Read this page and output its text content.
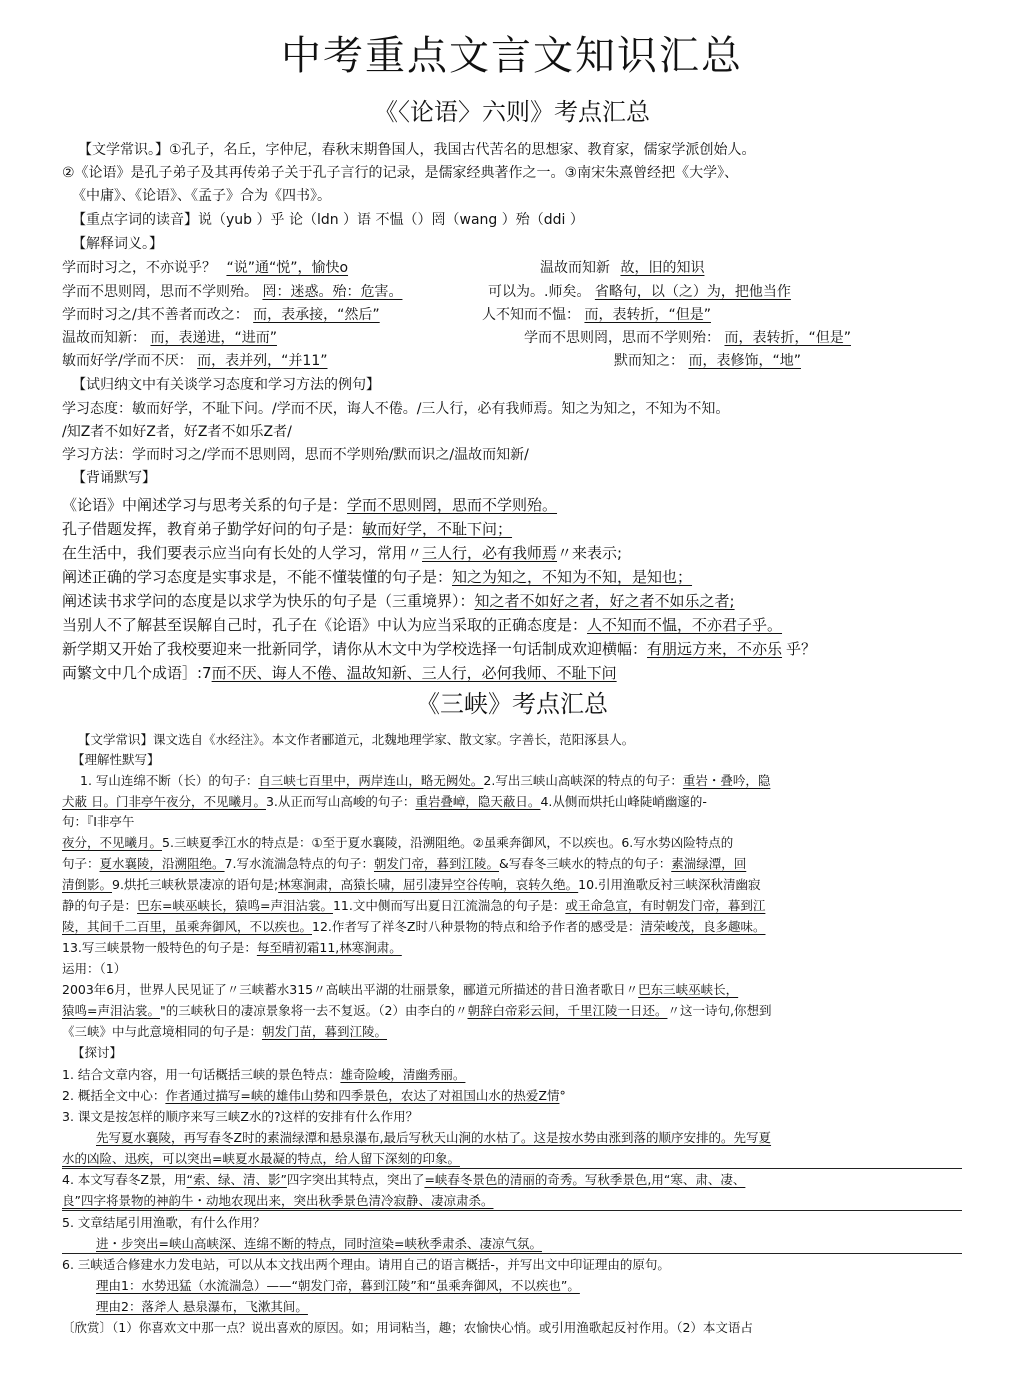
中考重点文言文知识汇总
《〈论语〉六则》考点汇总
【文学常识。】①孔子，名丘，字仲尼，春秋末期鲁国人，我国古代苦名的思想家、教育家，儒家学派创始人。
②《论语》是孔子弟子及其再传弟子关于孔子言行的记录，是儒家经典著作之一。③南宋朱熹曾经把《大学》、
《中庸》、《论语》、《孟子》合为《四书》。
【重点字词的读音】说（yub ）乎 论（ldn ）语 不愠（）罔（wang ）殆（ddi ）
【解释词义。】
学而时习之，不亦说乎？ “说”通“悦”，愉快o	温故而知新 故，旧的知识
学而不思则罔，思而不学则殆。 罔：迷惑。殆：危害。	可以为。.师矣。 省略句，以（之）为，把他当作
学而时习之/其不善者而改之： 而，表承接，“然后”	人不知而不愠： 而，表转折，“但是”
温故而知新： 而，表递进，“进而”	学而不思则罔，思而不学则殆： 而，表转折，“但是”
敏而好学/学而不厌： 而，表并列，“并11”	默而知之： 而，表修饰，“地”
【试归纳文中有关谈学习态度和学习方法的例句】
学习态度：敏而好学，不耻下问。/学而不厌，诲人不倦。/三人行，必有我师焉。知之为知之，不知为不知。
/知Z者不如好Z者，好Z者不如乐Z者/
学习方法：学而时习之/学而不思则罔，思而不学则殆/默而识之/温故而知新/
【背诵默写】
《论语》中阐述学习与思考关系的句子是：学而不思则罔，思而不学则殆。
孔子借题发挥，教育弟子勤学好问的句子是：敏而好学，不耻下问；
在生活中，我们要表示应当向有长处的人学习，常用〃三人行，必有我师焉〃来表示;
阐述正确的学习态度是实事求是，不能不懂装懂的句子是：知之为知之，不知为不知，是知也；
阐述读书求学问的态度是以求学为快乐的句子是（三重境界）：知之者不如好之者，好之者不如乐之者;
当别人不了解甚至误解自己时，孔子在《论语》中认为应当采取的正确态度是：人不知而不愠，不亦君子乎。
新学期又开始了我校要迎来一批新同学，请你从木文中为学校选择一句话制成欢迎横幅：有朋远方来，不亦乐 乎？
両繁文中几个成语］:7而不厌、诲人不倦、温故知新、三人行，必何我师、不耻下问
《三峡》考点汇总
【文学常识】课文选自《水经注》。本文作者郦道元，北魏地理学家、散文家。字善长，范阳涿县人。
【理解性默写】
1. 写山连绵不断（长）的句子：自三峡七百里中，两岸连山，略无阙处。2.写出三峡山高峡深的特点的句子：重岩・叠吟，隐
犬蔽 日。门非亭午夜分，不见曦月。3.从正而写山高峻的句子：重岩叠嶂，隐天蔽日。4.从侧而烘托山峰陡峭幽邃的-
句：『I非亭午
夜分，不见曦月。5.三峡夏季江水的特点是：①至于夏水襄陵，沿溯阻绝。②虽乘奔御风，不以疾也。6.写水势凶险特点的
句子：夏水襄陵，沿溯阻绝。7.写水流湍急特点的句子：朝发门帝，暮到江陵。&写春冬三峡水的特点的句子：素湍绿潭，回
清倒影。9.烘托三峡秋景凄凉的语句是;林寒涧肃，高猿长啸，屈引凄异空谷传响，哀转久绝。10.引用渔歌反衬三峡深秋清幽寂
静的句子是：巴东=峡巫峡长，猿鸣=声泪沾裳。11.文中侧而写出夏日江流湍急的句子是：或王命急宣，有时朝发门帝，暮到江
陵，其间千二百里，虽乘奔御风，不以疾也。12.作者写了祥冬Z时八种景物的特点和给予作者的感受是：清荣峻茂，良多趣味。
13.写三峡景物一般特色的句子是：每至晴初霜11,林寒涧肃。
运用：（1）
2003年6月，世界人民见证了〃三峡蓄水315〃高峡出平湖的壮丽景象，郦道元所描述的昔日渔者歌日〃巴东三峡巫峡长，
猿鸣=声泪沾裳。"的三峡秋日的凄凉景象将一去不复返。（2）由李白的〃朝辞白帝彩云间，千里江陵一日还。〃这一诗句,你想到
《三峡》中与此意境相同的句子是：朝发门苗，暮到江陵。
【探讨】
1. 结合文章内容，用一句话概括三峡的景色特点：雄奇险峻，清幽秀丽。
2. 概括全文中心：作者通过描写=峡的雄伟山势和四季景色，农达了对祖国山水的热爱Z情°
3. 课文是按怎样的顺序来写三峡Z水的?这样的安排有什么作用？
先写夏水襄陵，再写春冬Z时的素湍绿潭和悬泉瀑布,最后写秋天山涧的水枯了。这是按水势由涨到落的顺序安排的。先写夏
水的凶险、迅疾，可以突出=峡夏水最凝的特点，给人留下深刻的印象。
4. 本文写春冬Z景，用“索、绿、清、影”四字突出其特点，突出了=峡春冬景色的清丽的奇秀。写秋季景色,用“寒、肃、凄、
良”四字将景物的神韵牛・动地农现出来，突出秋季景色清冷寂静、凄凉肃杀。
5. 文章结尾引用渔歌，有什么作用？
进・步突出=峡山高峡深、连绵不断的特点，同时渲染=峡秋季肃杀、凄凉气氛。
6. 三峡适合修建水力发电站，可以从本文找出两个理由。请用自己的语言概括-，并写出文中印证理由的原句。
理由1：水势迅猛（水流湍急）——“朝发门帝，暮到江陵”和“虽乘奔御风，不以疾也”。
理由2：落斧人 悬泉瀑布，飞漱其间。
〔欣赏〕（1）你喜欢文中那一点？说出喜欢的原因。如；用词粘当，趣；农愉快心悄。或引用渔歌起反衬作用。（2）本文语占
